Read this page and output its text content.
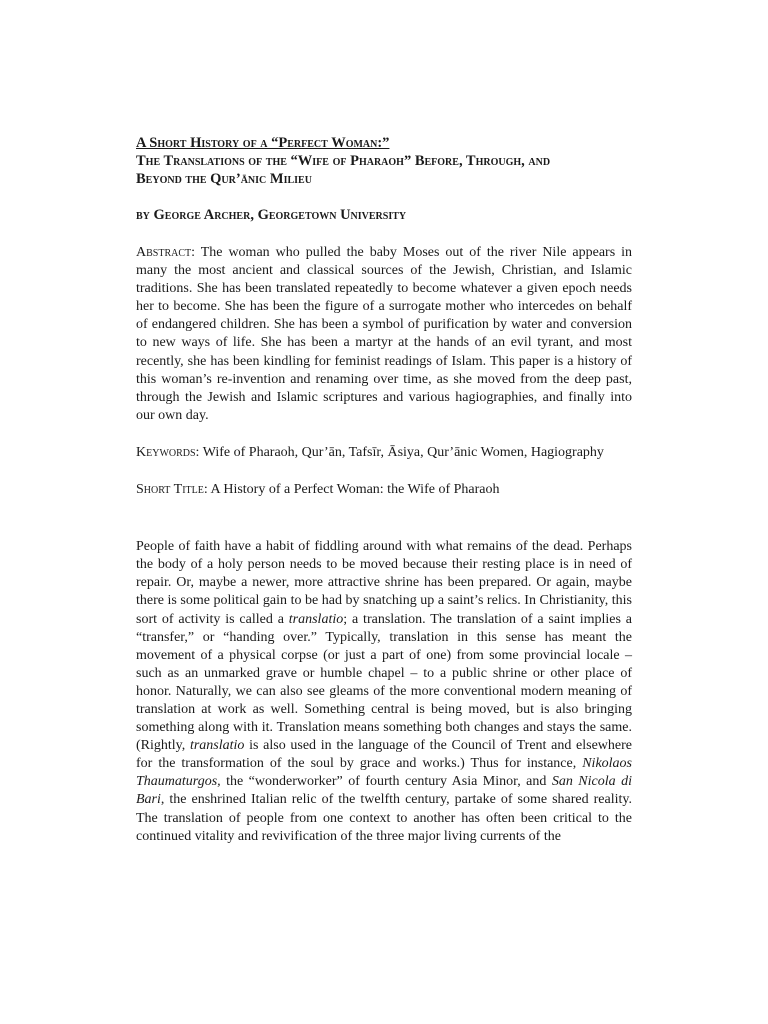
A Short History of a “Perfect Woman:”
The Translations of the “Wife of Pharaoh” Before, Through, and
Beyond the Qur’ānic Milieu
by George Archer, Georgetown University

Abstract: The woman who pulled the baby Moses out of the river Nile appears in many the most ancient and classical sources of the Jewish, Christian, and Islamic traditions. She has been translated repeatedly to become whatever a given epoch needs her to become. She has been the figure of a surrogate mother who intercedes on behalf of endangered children. She has been a symbol of purification by water and conversion to new ways of life. She has been a martyr at the hands of an evil tyrant, and most recently, she has been kindling for feminist readings of Islam. This paper is a history of this woman’s re-invention and renaming over time, as she moved from the deep past, through the Jewish and Islamic scriptures and various hagiographies, and finally into our own day.

Keywords: Wife of Pharaoh, Qur’ān, Tafsīr, Āsiya, Qur’ānic Women, Hagiography

Short Title: A History of a Perfect Woman: the Wife of Pharaoh

People of faith have a habit of fiddling around with what remains of the dead. Perhaps the body of a holy person needs to be moved because their resting place is in need of repair. Or, maybe a newer, more attractive shrine has been prepared. Or again, maybe there is some political gain to be had by snatching up a saint’s relics. In Christianity, this sort of activity is called a translatio; a translation. The translation of a saint implies a “transfer,” or “handing over.” Typically, translation in this sense has meant the movement of a physical corpse (or just a part of one) from some provincial locale – such as an unmarked grave or humble chapel – to a public shrine or other place of honor. Naturally, we can also see gleams of the more conventional modern meaning of translation at work as well. Something central is being moved, but is also bringing something along with it. Translation means something both changes and stays the same. (Rightly, translatio is also used in the language of the Council of Trent and elsewhere for the transformation of the soul by grace and works.) Thus for instance, Nikolaos Thaumaturgos, the “wonderworker” of fourth century Asia Minor, and San Nicola di Bari, the enshrined Italian relic of the twelfth century, partake of some shared reality. The translation of people from one context to another has often been critical to the continued vitality and revivification of the three major living currents of the
